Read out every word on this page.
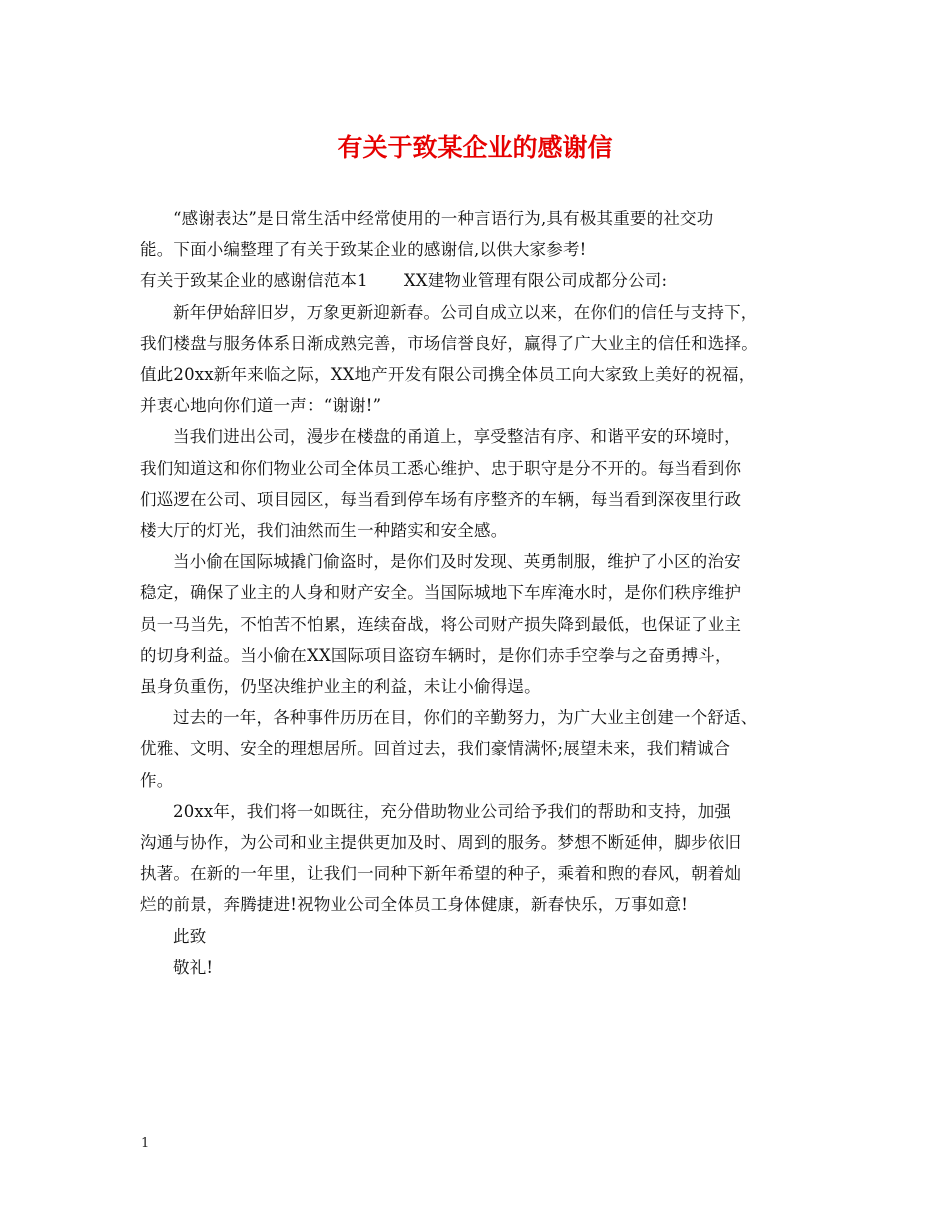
有关于致某企业的感谢信

“感谢表达”是日常生活中经常使用的一种言语行为,具有极其重要的社交功
能。下面小编整理了有关于致某企业的感谢信,以供大家参考!

有关于致某企业的感谢信范本1 XX建物业管理有限公司成都分公司:

新年伊始辞旧岁，万象更新迎新春。公司自成立以来，在你们的信任与支持下，
我们楼盘与服务体系日渐成熟完善，市场信誉良好，赢得了广大业主的信任和选择。
值此20xx新年来临之际，XX地产开发有限公司携全体员工向大家致上美好的祝福，
并衷心地向你们道一声：“谢谢!”

当我们进出公司，漫步在楼盘的甬道上，享受整洁有序、和谐平安的环境时，
我们知道这和你们物业公司全体员工悉心维护、忠于职守是分不开的。每当看到你
们巡逻在公司、项目园区，每当看到停车场有序整齐的车辆，每当看到深夜里行政
楼大厅的灯光，我们油然而生一种踏实和安全感。

当小偷在国际城撬门偷盗时，是你们及时发现、英勇制服，维护了小区的治安
稳定，确保了业主的人身和财产安全。当国际城地下车库淹水时，是你们秩序维护
员一马当先，不怕苦不怕累，连续奋战，将公司财产损失降到最低，也保证了业主
的切身利益。当小偷在XX国际项目盗窃车辆时，是你们赤手空拳与之奋勇搏斗，
虽身负重伤，仍坚决维护业主的利益，未让小偷得逞。

过去的一年，各种事件历历在目，你们的辛勤努力，为广大业主创建一个舒适、
优雅、文明、安全的理想居所。回首过去，我们豪情满怀;展望未来，我们精诚合
作。

20xx年，我们将一如既往，充分借助物业公司给予我们的帮助和支持，加强
沟通与协作，为公司和业主提供更加及时、周到的服务。梦想不断延伸，脚步依旧
执著。在新的一年里，让我们一同种下新年希望的种子，乘着和煦的春风，朝着灿
烂的前景，奔腾捷进!祝物业公司全体员工身体健康，新春快乐，万事如意!

此致

敬礼!

1
